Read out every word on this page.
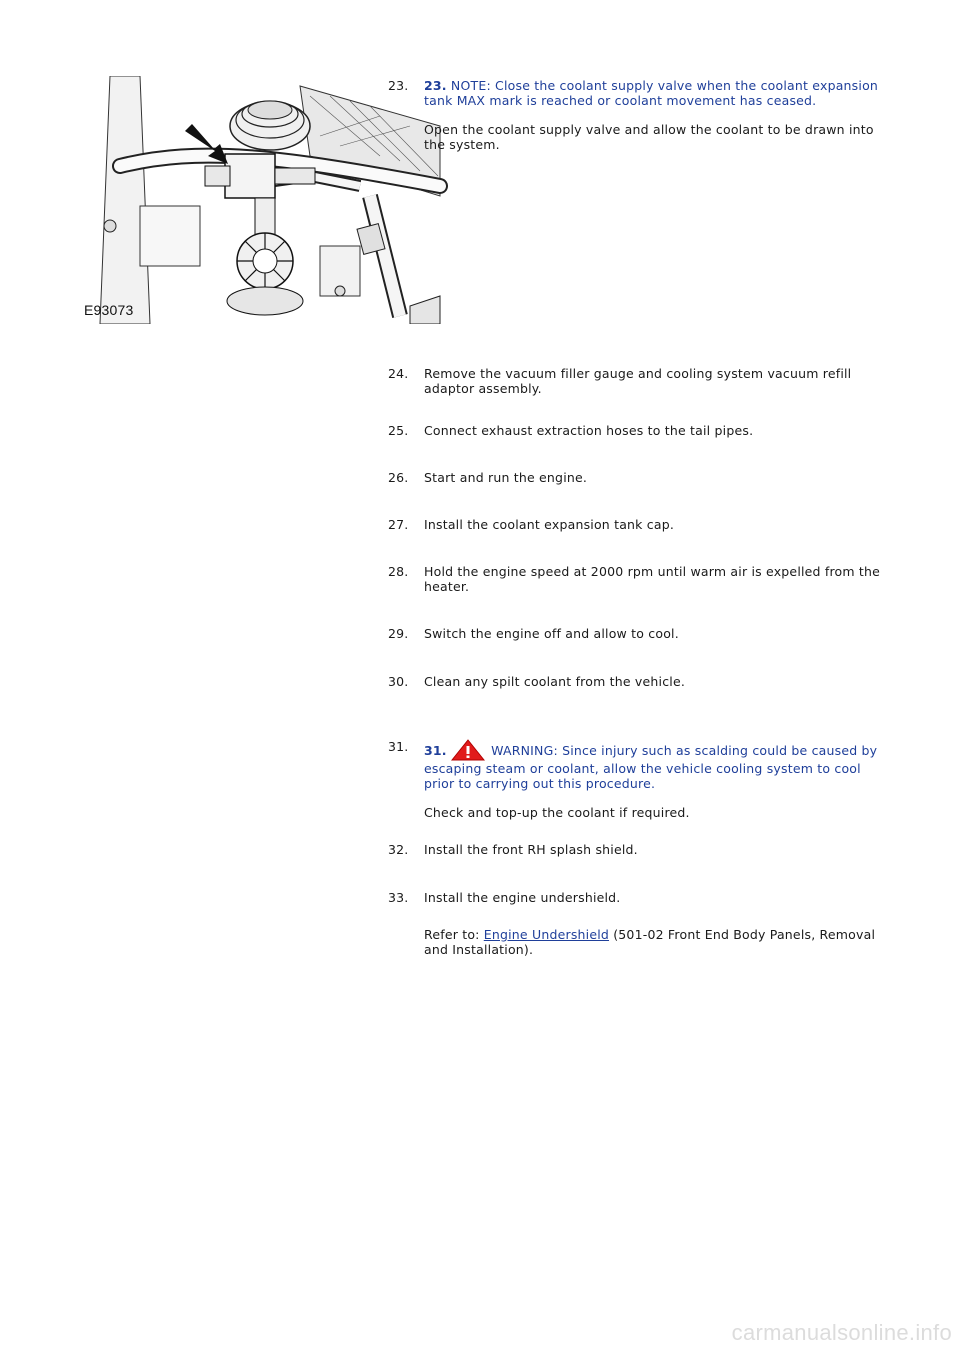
E93073
23.	23. NOTE: Close the coolant supply valve when the coolant expansion tank MAX mark is reached or coolant movement has ceased.

Open the coolant supply valve and allow the coolant to be drawn into the system.

24.	Remove the vacuum filler gauge and cooling system vacuum refill adaptor assembly.

25.	Connect exhaust extraction hoses to the tail pipes.

26.	Start and run the engine.

27.	Install the coolant expansion tank cap.

28.	Hold the engine speed at 2000 rpm until warm air is expelled from the heater.

29.	Switch the engine off and allow to cool.

30.	Clean any spilt coolant from the vehicle.

31.	31.	WARNING: Since injury such as scalding could be caused by escaping steam or coolant, allow the vehicle cooling system to cool prior to carrying out this procedure.

Check and top-up the coolant if required.

32.	Install the front RH splash shield.

33.	Install the engine undershield.

Refer to: Engine Undershield (501-02 Front End Body Panels, Removal and Installation).

carmanualsonline.info
